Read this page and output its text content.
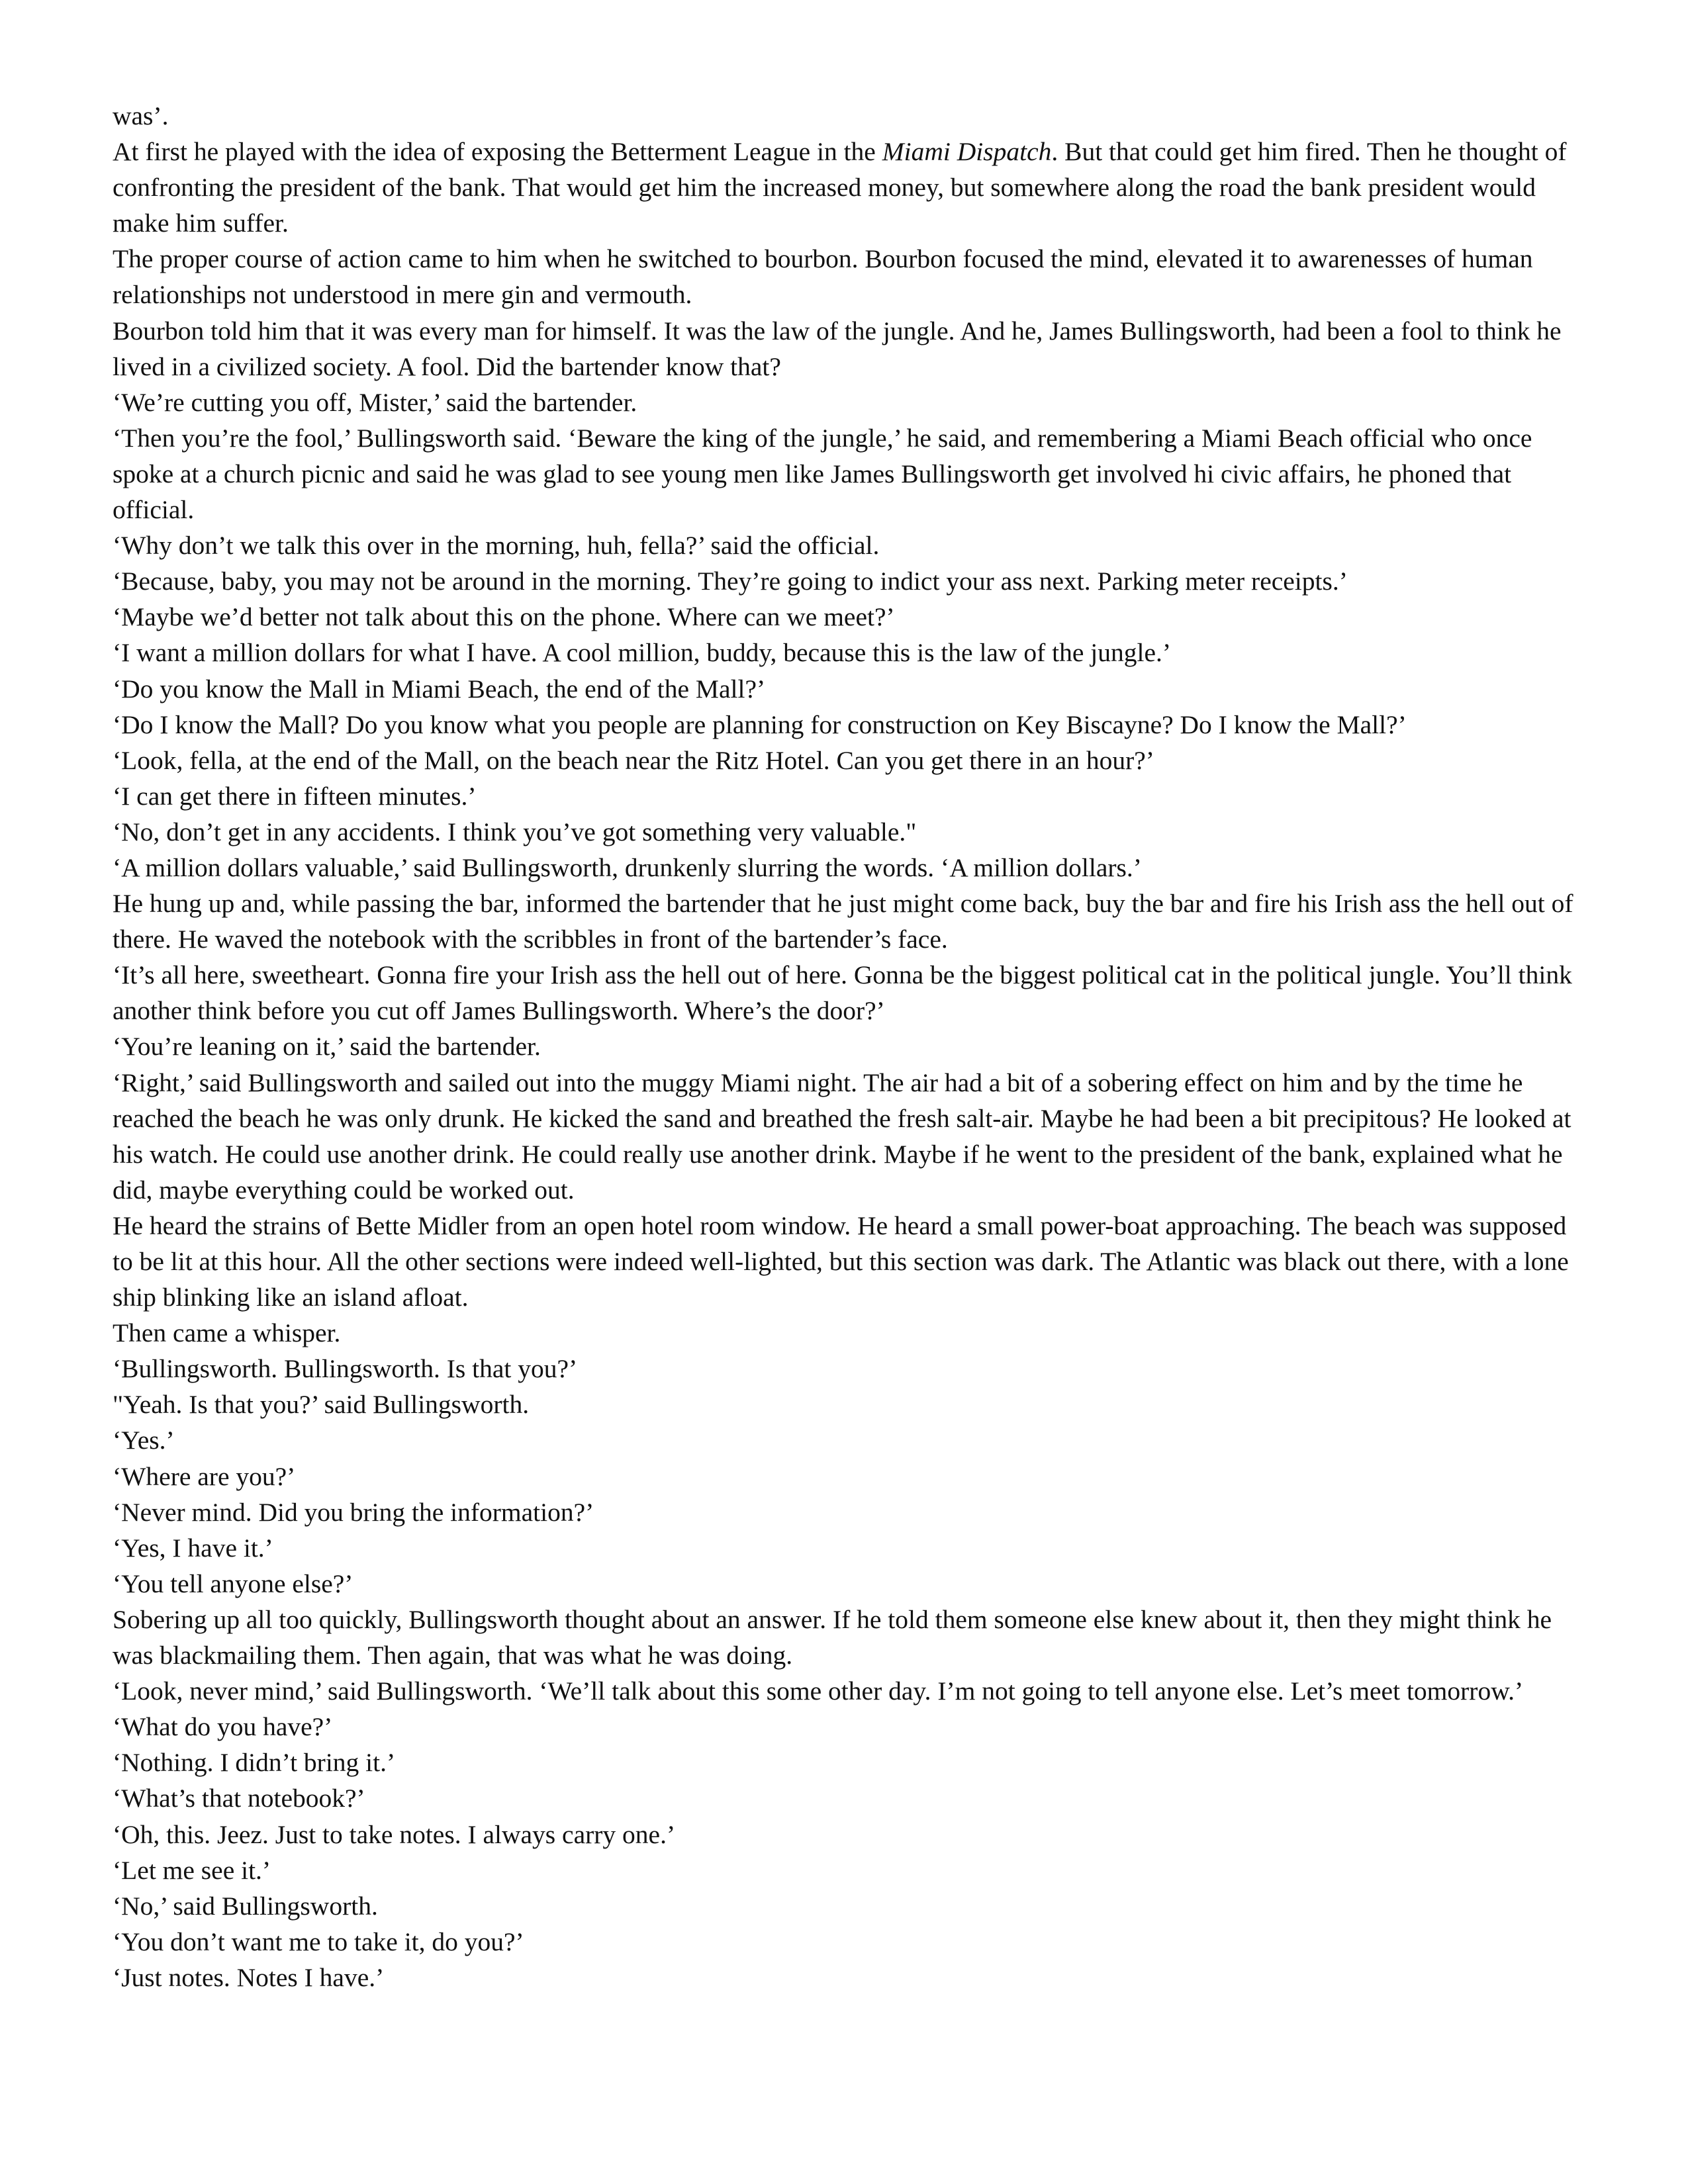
was’.

At first he played with the idea of exposing the Betterment League in the Miami Dispatch. But that could get him fired. Then he thought of confronting the president of the bank. That would get him the increased money, but somewhere along the road the bank president would make him suffer.

The proper course of action came to him when he switched to bourbon. Bourbon focused the mind, elevated it to awarenesses of human relationships not understood in mere gin and vermouth.

Bourbon told him that it was every man for himself. It was the law of the jungle. And he, James Bullingsworth, had been a fool to think he lived in a civilized society. A fool. Did the bartender know that?

‘We’re cutting you off, Mister,’ said the bartender.

‘Then you’re the fool,’ Bullingsworth said. ‘Beware the king of the jungle,’ he said, and remembering a Miami Beach official who once spoke at a church picnic and said he was glad to see young men like James Bullingsworth get involved hi civic affairs, he phoned that official.

‘Why don’t we talk this over in the morning, huh, fella?’ said the official.

‘Because, baby, you may not be around in the morning. They’re going to indict your ass next. Parking meter receipts.’

‘Maybe we’d better not talk about this on the phone. Where can we meet?’

‘I want a million dollars for what I have. A cool million, buddy, because this is the law of the jungle.’

‘Do you know the Mall in Miami Beach, the end of the Mall?’

‘Do I know the Mall? Do you know what you people are planning for construction on Key Biscayne? Do I know the Mall?’

‘Look, fella, at the end of the Mall, on the beach near the Ritz Hotel. Can you get there in an hour?’

‘I can get there in fifteen minutes.’

‘No, don’t get in any accidents. I think you’ve got something very valuable."

‘A million dollars valuable,’ said Bullingsworth, drunkenly slurring the words. ‘A million dollars.’

He hung up and, while passing the bar, informed the bartender that he just might come back, buy the bar and fire his Irish ass the hell out of there. He waved the notebook with the scribbles in front of the bartender’s face.

‘It’s all here, sweetheart. Gonna fire your Irish ass the hell out of here. Gonna be the biggest political cat in the political jungle. You’ll think another think before you cut off James Bullingsworth. Where’s the door?’

‘You’re leaning on it,’ said the bartender.

‘Right,’ said Bullingsworth and sailed out into the muggy Miami night. The air had a bit of a sobering effect on him and by the time he reached the beach he was only drunk. He kicked the sand and breathed the fresh salt-air. Maybe he had been a bit precipitous? He looked at his watch. He could use another drink. He could really use another drink. Maybe if he went to the president of the bank, explained what he did, maybe everything could be worked out.

He heard the strains of Bette Midler from an open hotel room window. He heard a small power-boat approaching. The beach was supposed to be lit at this hour. All the other sections were indeed well-lighted, but this section was dark. The Atlantic was black out there, with a lone ship blinking like an island afloat.

Then came a whisper.

‘Bullingsworth. Bullingsworth. Is that you?’

"Yeah. Is that you?’ said Bullingsworth.

‘Yes.’

‘Where are you?’

‘Never mind. Did you bring the information?’

‘Yes, I have it.’

‘You tell anyone else?’

Sobering up all too quickly, Bullingsworth thought about an answer. If he told them someone else knew about it, then they might think he was blackmailing them. Then again, that was what he was doing.

‘Look, never mind,’ said Bullingsworth. ‘We’ll talk about this some other day. I’m not going to tell anyone else. Let’s meet tomorrow.’

‘What do you have?’

‘Nothing. I didn’t bring it.’

‘What’s that notebook?’

‘Oh, this. Jeez. Just to take notes. I always carry one.’

‘Let me see it.’

‘No,’ said Bullingsworth.

‘You don’t want me to take it, do you?’

‘Just notes. Notes I have.’
